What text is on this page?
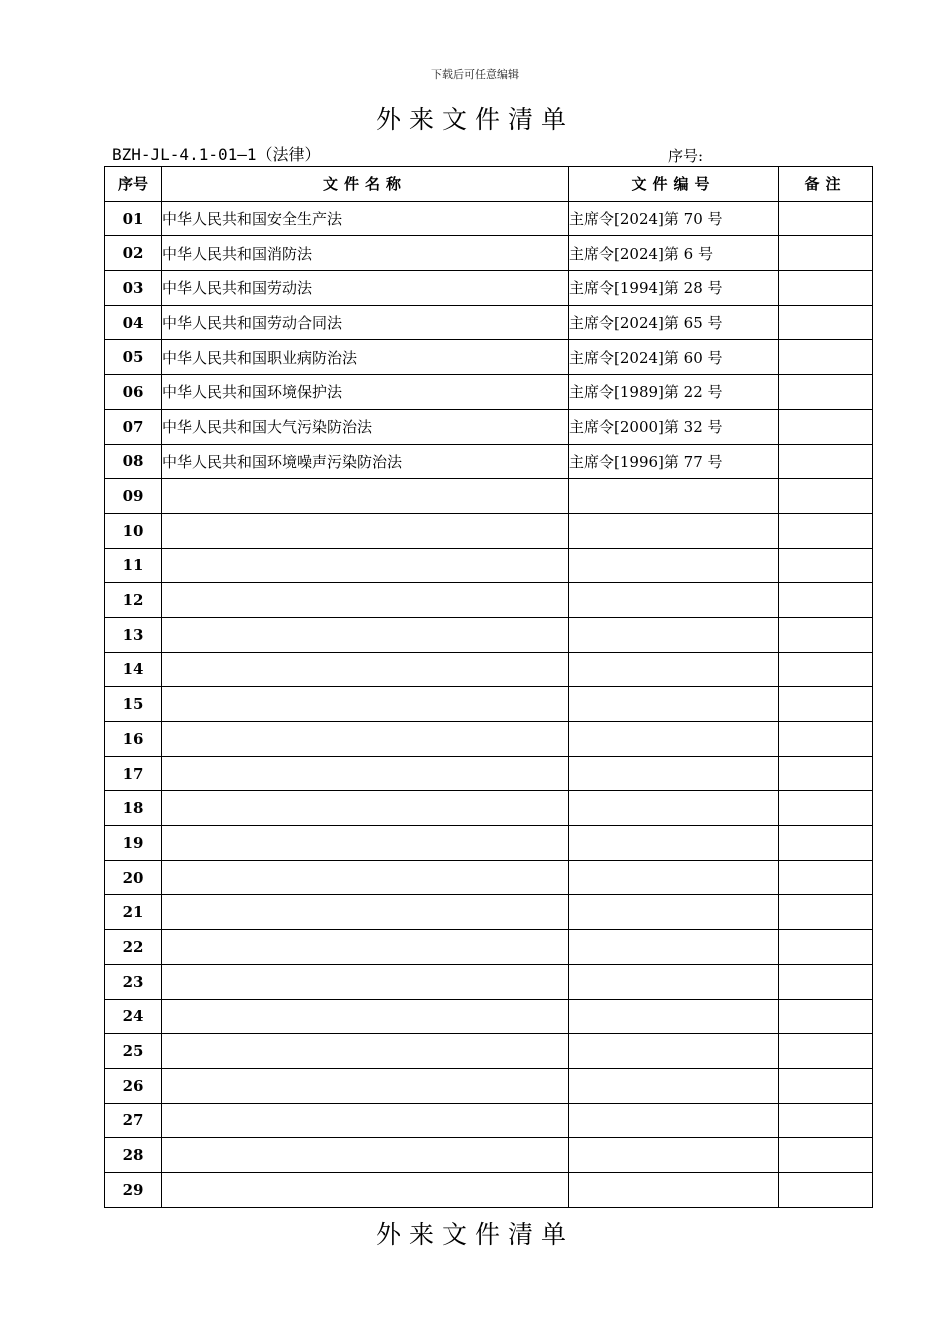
下载后可任意编辑
外来文件清单
BZH-JL-4.1-01—1（法律）	序号:
序号	文件名称	文件编号	备注
01	中华人民共和国安全生产法	主席令[2024]第 70 号	
02	中华人民共和国消防法	主席令[2024]第 6 号	
03	中华人民共和国劳动法	主席令[1994]第 28 号	
04	中华人民共和国劳动合同法	主席令[2024]第 65 号	
05	中华人民共和国职业病防治法	主席令[2024]第 60 号	
06	中华人民共和国环境保护法	主席令[1989]第 22 号	
07	中华人民共和国大气污染防治法	主席令[2000]第 32 号	
08	中华人民共和国环境噪声污染防治法	主席令[1996]第 77 号	
09			
10			
11			
12			
13			
14			
15			
16			
17			
18			
19			
20			
21			
22			
23			
24			
25			
26			
27			
28			
29			
外来文件清单
